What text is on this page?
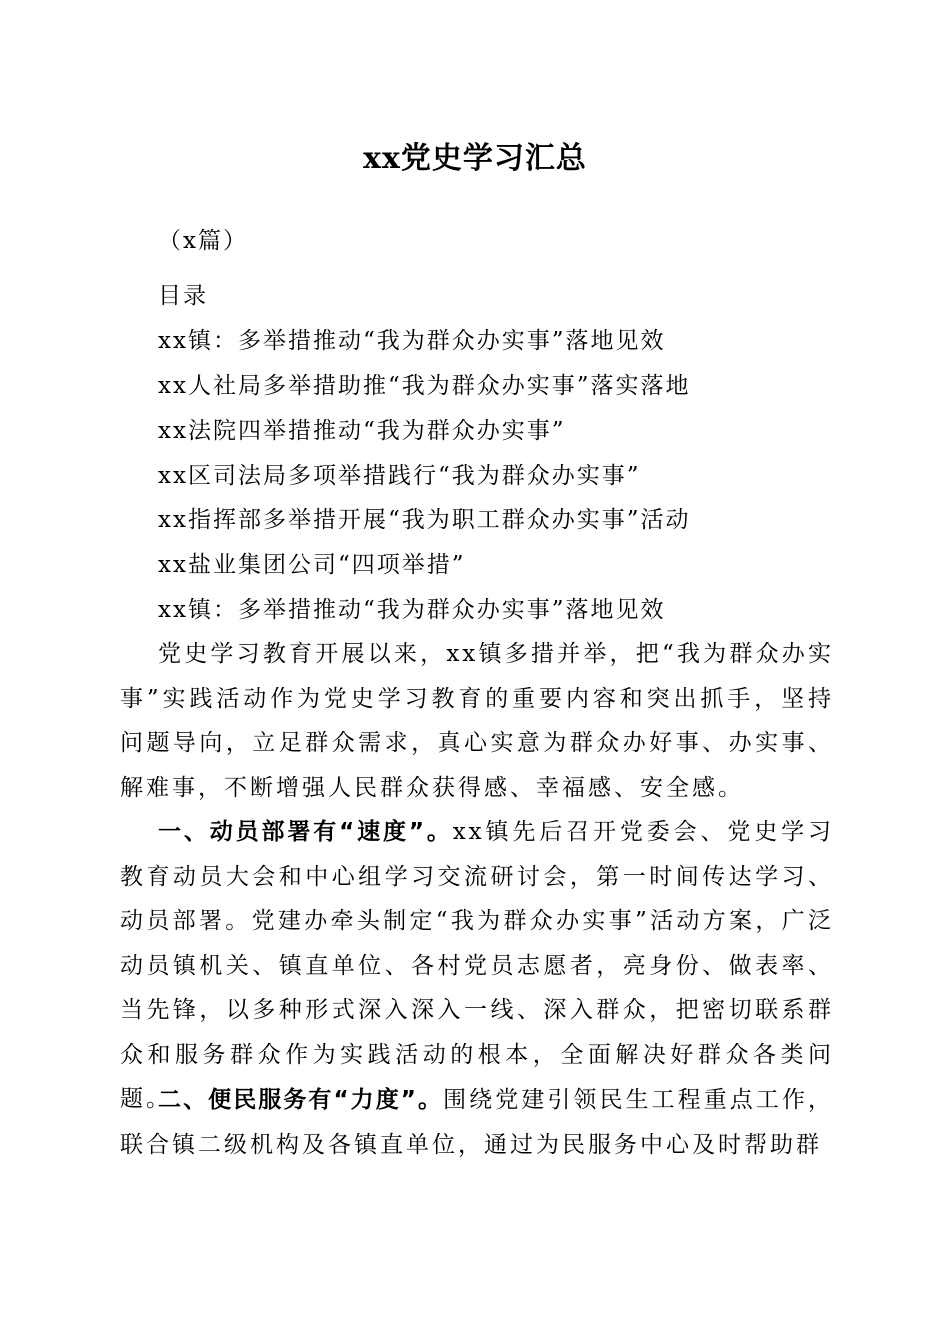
xx党史学习汇总
（x篇）
目录
xx镇：多举措推动“我为群众办实事”落地见效
xx人社局多举措助推“我为群众办实事”落实落地
xx法院四举措推动“我为群众办实事”
xx区司法局多项举措践行“我为群众办实事”
xx指挥部多举措开展“我为职工群众办实事”活动
xx盐业集团公司“四项举措”
xx镇：多举措推动“我为群众办实事”落地见效
党史学习教育开展以来，xx镇多措并举，把“我为群众办实事”实践活动作为党史学习教育的重要内容和突出抓手，坚持问题导向，立足群众需求，真心实意为群众办好事、办实事、解难事，不断增强人民群众获得感、幸福感、安全感。
一、动员部署有“速度”。xx镇先后召开党委会、党史学习教育动员大会和中心组学习交流研讨会，第一时间传达学习、动员部署。党建办牵头制定“我为群众办实事”活动方案，广泛动员镇机关、镇直单位、各村党员志愿者，亮身份、做表率、当先锋，以多种形式深入深入一线、深入群众，把密切联系群众和服务群众作为实践活动的根本，全面解决好群众各类问题。
二、便民服务有“力度”。围绕党建引领民生工程重点工作，联合镇二级机构及各镇直单位，通过为民服务中心及时帮助群
